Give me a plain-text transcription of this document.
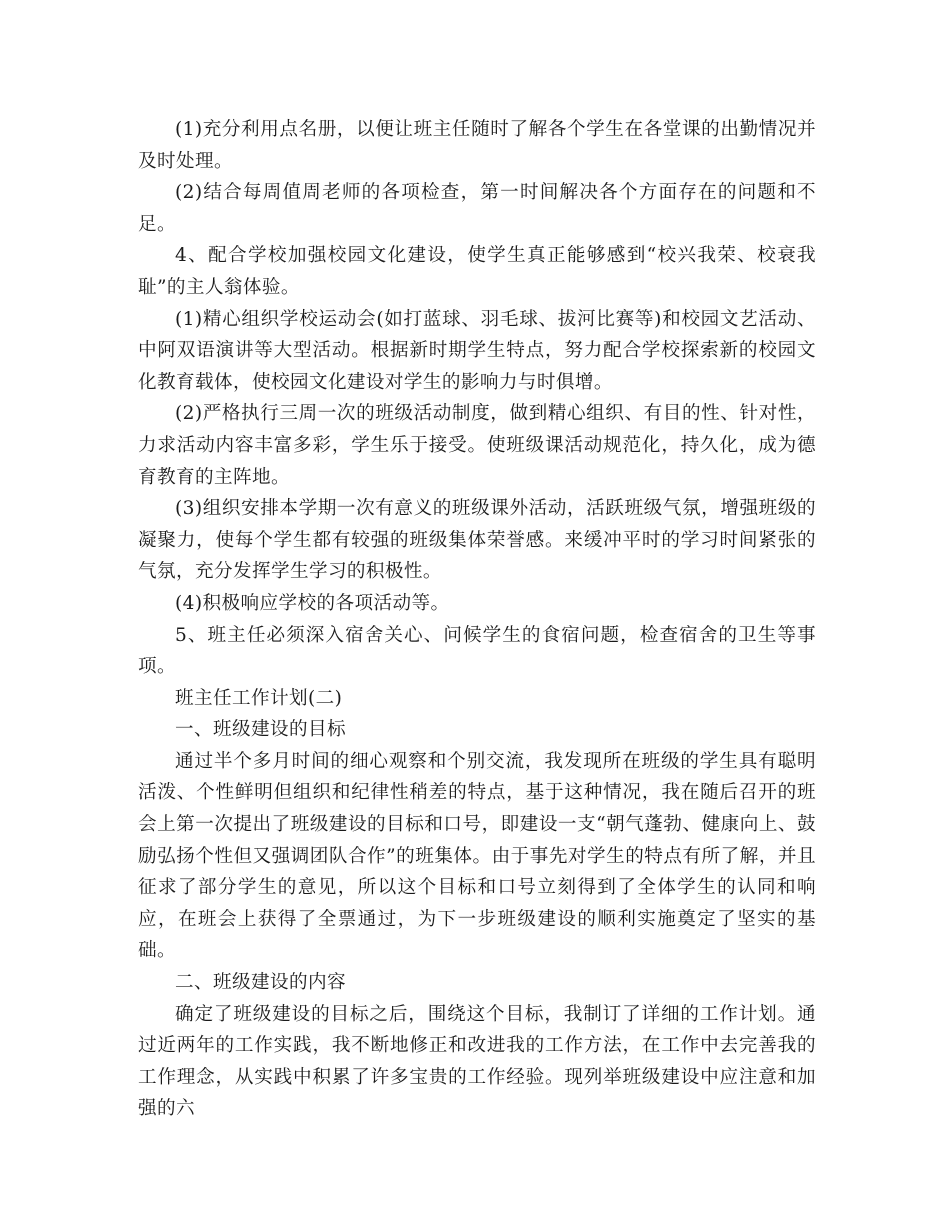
(1)充分利用点名册，以便让班主任随时了解各个学生在各堂课的出勤情况并及时处理。

(2)结合每周值周老师的各项检查，第一时间解决各个方面存在的问题和不足。

4、配合学校加强校园文化建设，使学生真正能够感到“校兴我荣、校衰我耻”的主人翁体验。

(1)精心组织学校运动会(如打蓝球、羽毛球、拔河比赛等)和校园文艺活动、中阿双语演讲等大型活动。根据新时期学生特点，努力配合学校探索新的校园文化教育载体，使校园文化建设对学生的影响力与时俱增。

(2)严格执行三周一次的班级活动制度，做到精心组织、有目的性、针对性，力求活动内容丰富多彩，学生乐于接受。使班级课活动规范化，持久化，成为德育教育的主阵地。

(3)组织安排本学期一次有意义的班级课外活动，活跃班级气氛，增强班级的凝聚力，使每个学生都有较强的班级集体荣誉感。来缓冲平时的学习时间紧张的气氛，充分发挥学生学习的积极性。

(4)积极响应学校的各项活动等。

5、班主任必须深入宿舍关心、问候学生的食宿问题，检查宿舍的卫生等事项。

班主任工作计划(二)

一、班级建设的目标

通过半个多月时间的细心观察和个别交流，我发现所在班级的学生具有聪明活泼、个性鲜明但组织和纪律性稍差的特点，基于这种情况，我在随后召开的班会上第一次提出了班级建设的目标和口号，即建设一支“朝气蓬勃、健康向上、鼓励弘扬个性但又强调团队合作”的班集体。由于事先对学生的特点有所了解，并且征求了部分学生的意见，所以这个目标和口号立刻得到了全体学生的认同和响应，在班会上获得了全票通过，为下一步班级建设的顺利实施奠定了坚实的基础。

二、班级建设的内容

确定了班级建设的目标之后，围绕这个目标，我制订了详细的工作计划。通过近两年的工作实践，我不断地修正和改进我的工作方法，在工作中去完善我的工作理念，从实践中积累了许多宝贵的工作经验。现列举班级建设中应注意和加强的六
